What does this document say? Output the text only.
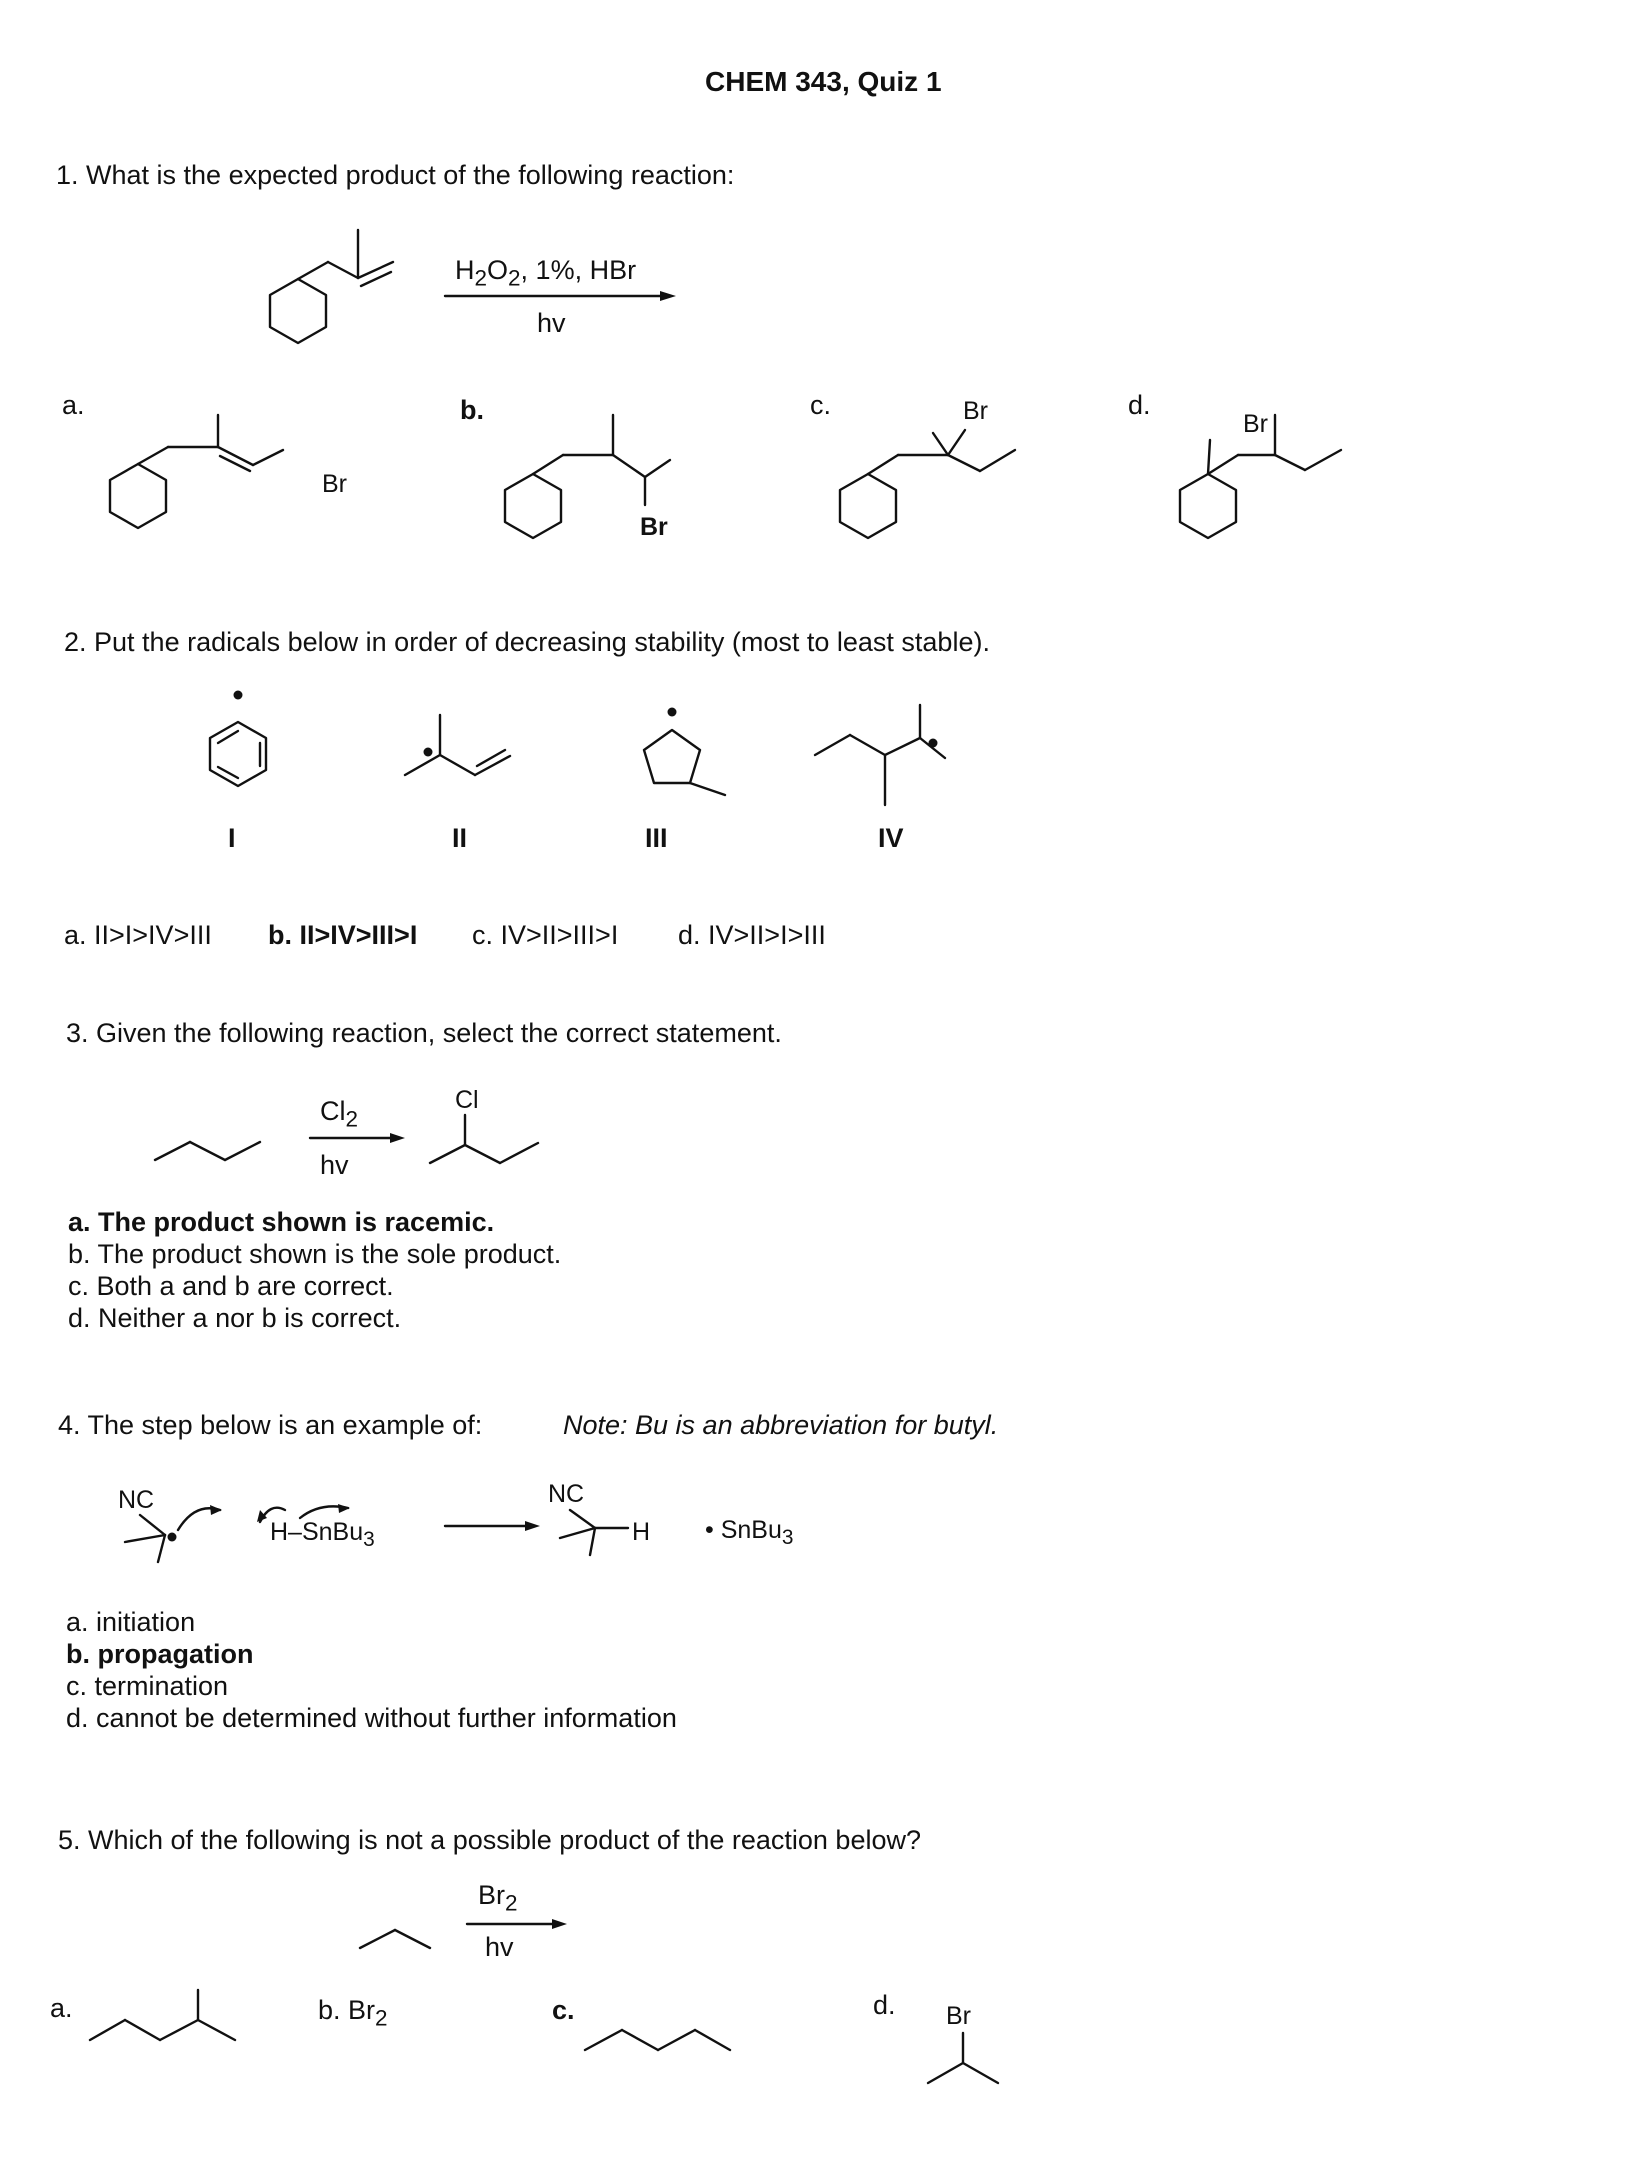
CHEM 343, Quiz 1
1. What is the expected product of the following reaction:
$H_2O_2$, 1%, HBr
hv
a.
Br
b.
Br
c.	Br	d.
Br
2. Put the radicals below in order of decreasing stability (most to least stable).
I	II	III	IV
a. II>I>IV>III b. II>IV>III>I c. IV>II>III>I d. IV>II>I>III
3. Given the following reaction, select the correct statement.
$Cl_2$
hv
Cl
a. The product shown is racemic.
b. The product shown is the sole product.
c. Both a and b are correct.
d. Neither a nor b is correct.
4. The step below is an example of:	Note: Bu is an abbreviation for butyl.
NC
H–SnBu$_3$
NC
H • SnBu$_3$
a. initiation
b. propagation
c. termination
d. cannot be determined without further information
5. Which of the following is not a possible product of the reaction below?
$Br_2$
hv
a.	b. $Br_2$	c.	d. Br
